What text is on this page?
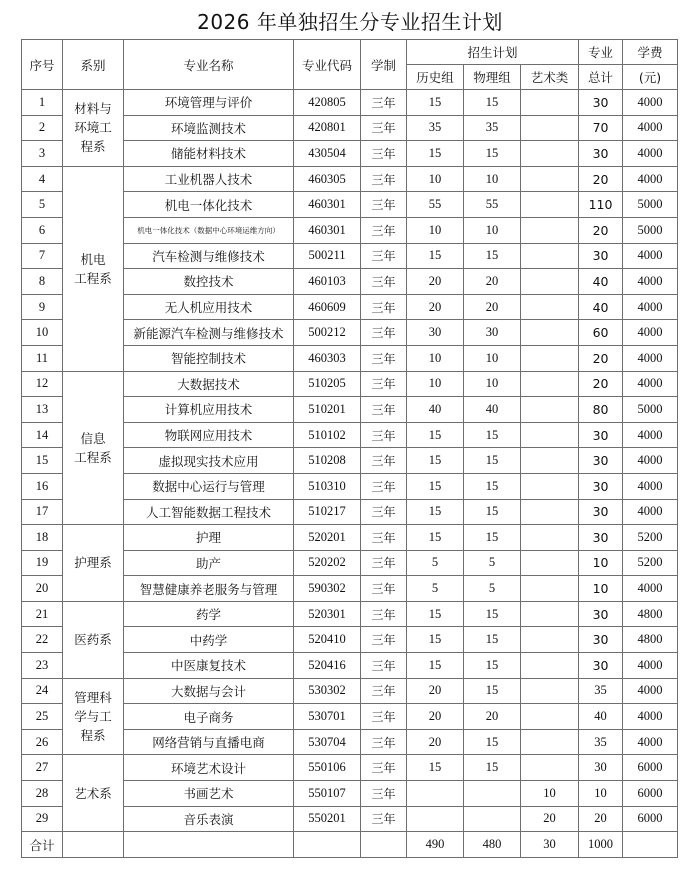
2026 年单独招生分专业招生计划
序号	系别	专业名称	专业代码	学制	招生计划			专业	学费
					历史组	物理组	艺术类	总计	(元)
1	材料与
环境工
程系	环境管理与评价	420805	三年	15	15		30	4000
2		环境监测技术	420801	三年	35	35		70	4000
3		储能材料技术	430504	三年	15	15		30	4000
4	机电
工程系	工业机器人技术	460305	三年	10	10		20	4000
5		机电一体化技术	460301	三年	55	55		110	5000
6		机电一体化技术（数据中心环境运维方向）	460301	三年	10	10		20	5000
7		汽车检测与维修技术	500211	三年	15	15		30	4000
8		数控技术	460103	三年	20	20		40	4000
9		无人机应用技术	460609	三年	20	20		40	4000
10		新能源汽车检测与维修技术	500212	三年	30	30		60	4000
11		智能控制技术	460303	三年	10	10		20	4000
12	信息
工程系	大数据技术	510205	三年	10	10		20	4000
13		计算机应用技术	510201	三年	40	40		80	5000
14		物联网应用技术	510102	三年	15	15		30	4000
15		虚拟现实技术应用	510208	三年	15	15		30	4000
16		数据中心运行与管理	510310	三年	15	15		30	4000
17		人工智能数据工程技术	510217	三年	15	15		30	4000
18	护理系	护理	520201	三年	15	15		30	5200
19		助产	520202	三年	5	5		10	5200
20		智慧健康养老服务与管理	590302	三年	5	5		10	4000
21	医药系	药学	520301	三年	15	15		30	4800
22		中药学	520410	三年	15	15		30	4800
23		中医康复技术	520416	三年	15	15		30	4000
24	管理科
学与工
程系	大数据与会计	530302	三年	20	15		35	4000
25		电子商务	530701	三年	20	20		40	4000
26		网络营销与直播电商	530704	三年	20	15		35	4000
27	艺术系	环境艺术设计	550106	三年	15	15		30	6000
28		书画艺术	550107	三年			10	10	6000
29		音乐表演	550201	三年			20	20	6000
合计					490	480	30	1000	
